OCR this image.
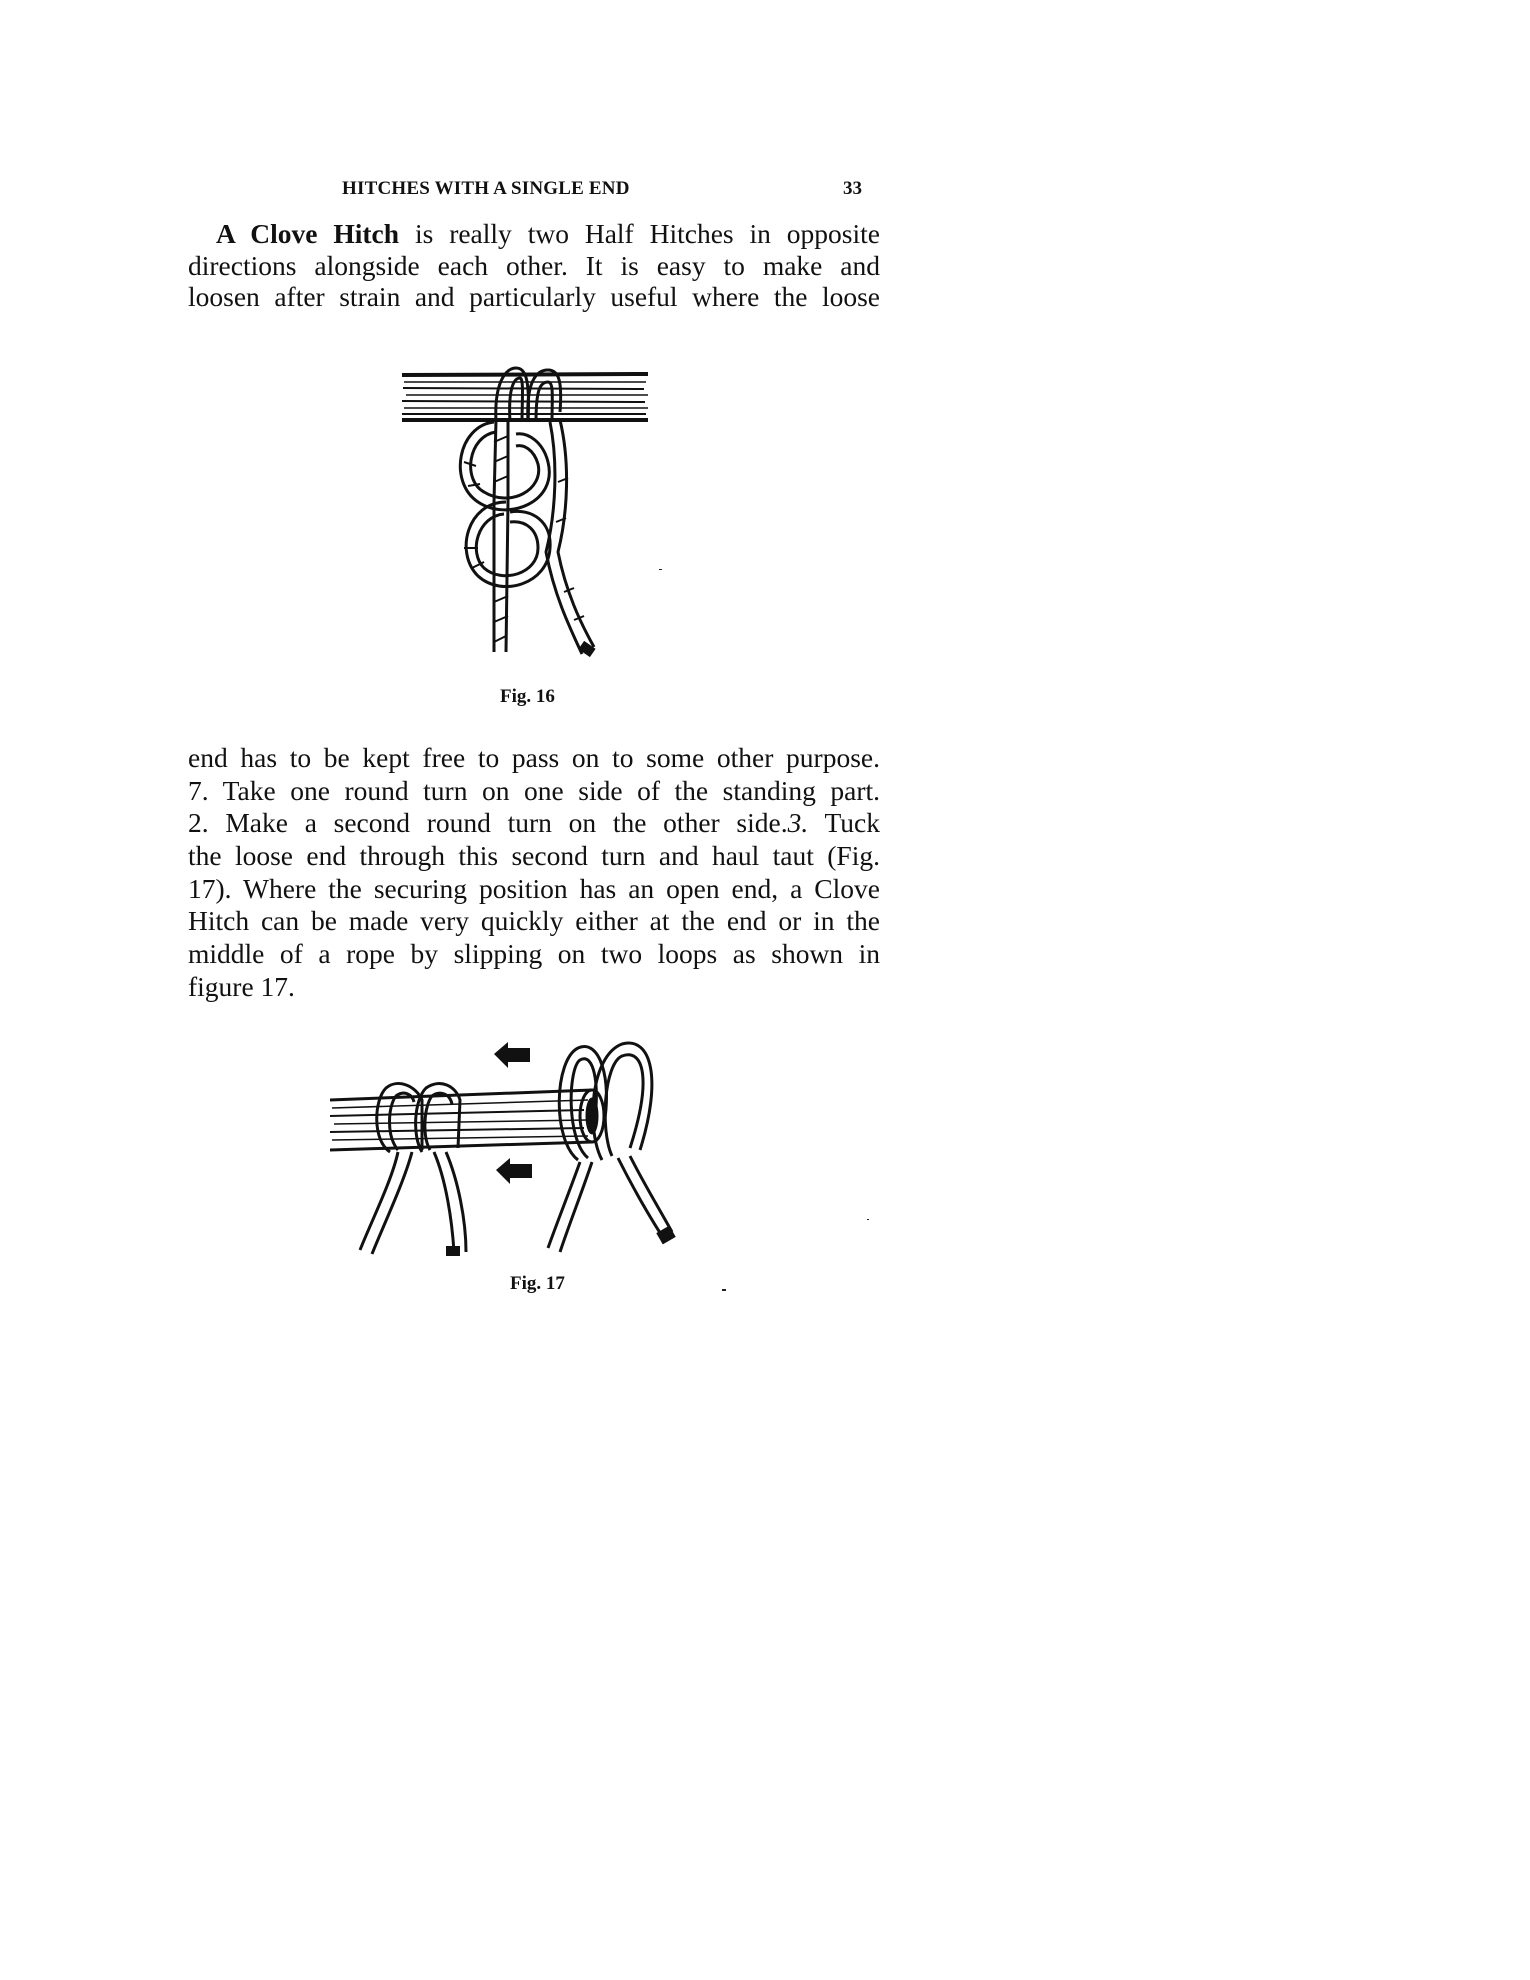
HITCHES WITH A SINGLE END	33
A Clove Hitch is really two Half Hitches in opposite
directions alongside each other. It is easy to make and
loosen after strain and particularly useful where the loose
Fig. 16
end has to be kept free to pass on to some other purpose.
7. Take one round turn on one side of the standing part.
2. Make a second round turn on the other side.3. Tuck
the loose end through this second turn and haul taut (Fig.
17). Where the securing position has an open end, a Clove
Hitch can be made very quickly either at the end or in the
middle of a rope by slipping on two loops as shown in
figure 17.
Fig. 17
